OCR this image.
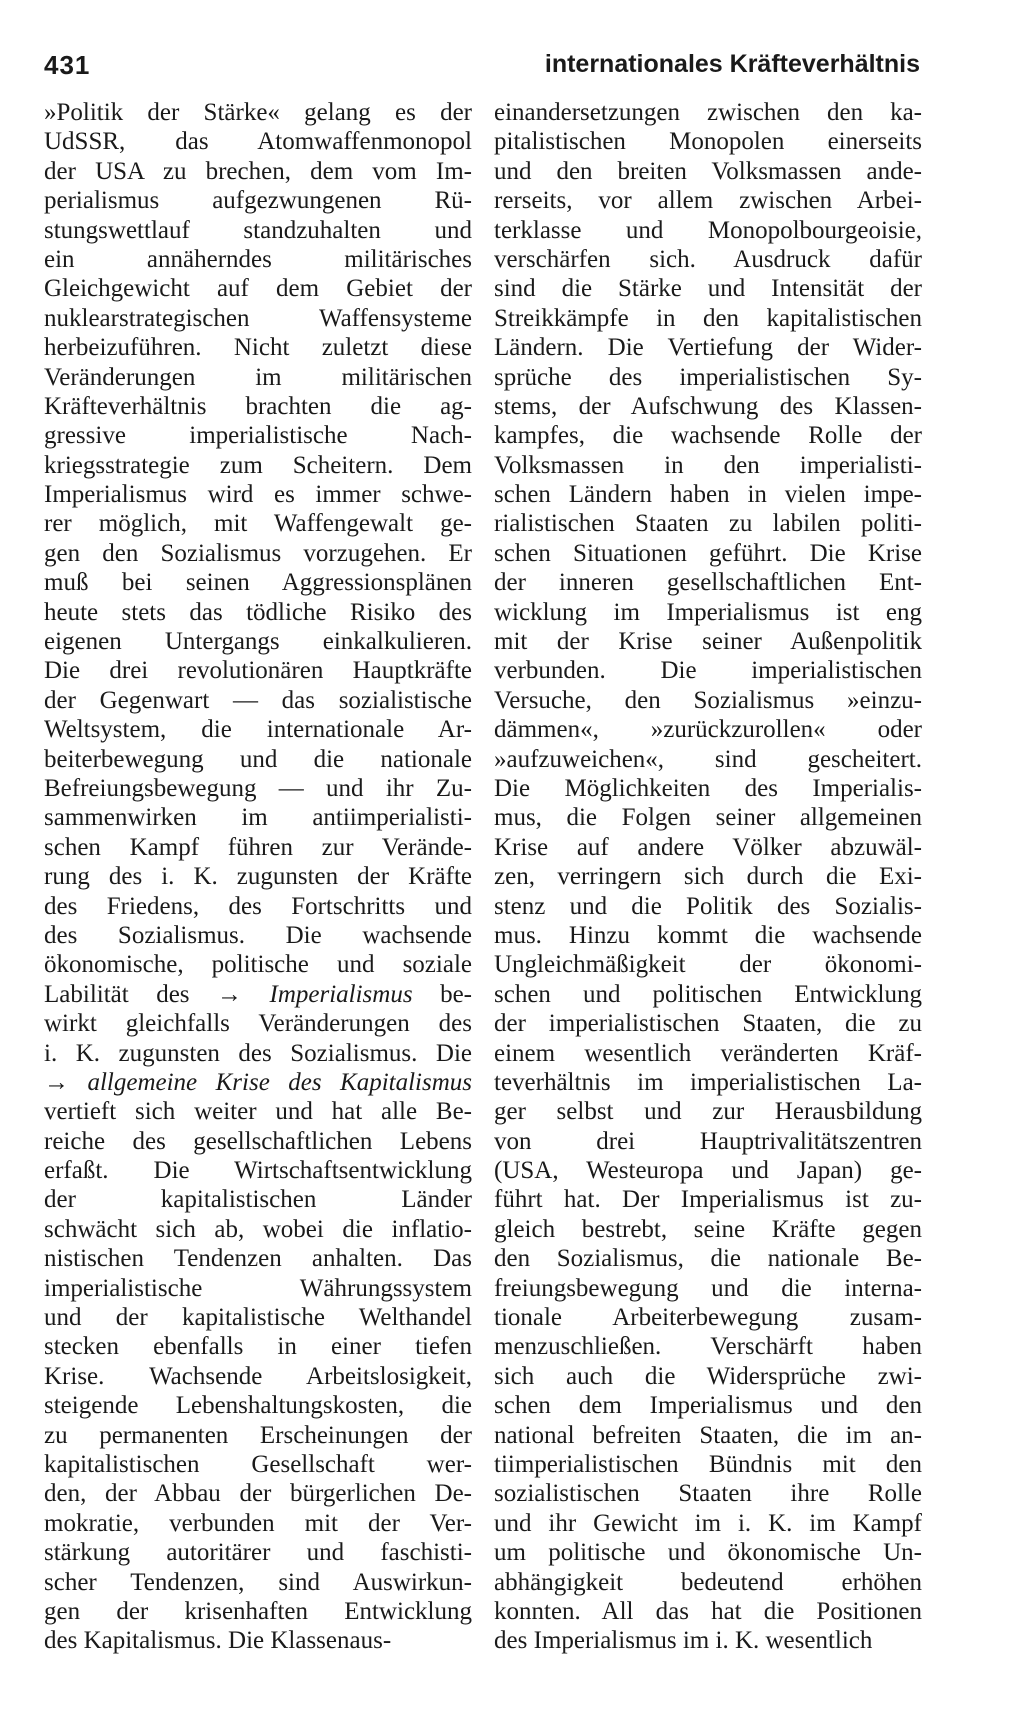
431	internationales Kräfteverhältnis
»Politik der Stärke« gelang es der
UdSSR, das Atomwaffenmonopol
der USA zu brechen, dem vom Im-
perialismus aufgezwungenen Rü-
stungswettlauf standzuhalten und
ein annäherndes militärisches
Gleichgewicht auf dem Gebiet der
nuklearstrategischen Waffensysteme
herbeizuführen. Nicht zuletzt diese
Veränderungen im militärischen
Kräfteverhältnis brachten die ag-
gressive imperialistische Nach-
kriegsstrategie zum Scheitern. Dem
Imperialismus wird es immer schwe-
rer möglich, mit Waffengewalt ge-
gen den Sozialismus vorzugehen. Er
muß bei seinen Aggressionsplänen
heute stets das tödliche Risiko des
eigenen Untergangs einkalkulieren.
Die drei revolutionären Hauptkräfte
der Gegenwart — das sozialistische
Weltsystem, die internationale Ar-
beiterbewegung und die nationale
Befreiungsbewegung — und ihr Zu-
sammenwirken im antiimperialisti-
schen Kampf führen zur Verände-
rung des i. K. zugunsten der Kräfte
des Friedens, des Fortschritts und
des Sozialismus. Die wachsende
ökonomische, politische und soziale
Labilität des → Imperialismus be-
wirkt gleichfalls Veränderungen des
i. K. zugunsten des Sozialismus. Die
→ allgemeine Krise des Kapitalismus
vertieft sich weiter und hat alle Be-
reiche des gesellschaftlichen Lebens
erfaßt. Die Wirtschaftsentwicklung
der kapitalistischen Länder
schwächt sich ab, wobei die inflatio-
nistischen Tendenzen anhalten. Das
imperialistische Währungssystem
und der kapitalistische Welthandel
stecken ebenfalls in einer tiefen
Krise. Wachsende Arbeitslosigkeit,
steigende Lebenshaltungskosten, die
zu permanenten Erscheinungen der
kapitalistischen Gesellschaft wer-
den, der Abbau der bürgerlichen De-
mokratie, verbunden mit der Ver-
stärkung autoritärer und faschisti-
scher Tendenzen, sind Auswirkun-
gen der krisenhaften Entwicklung
des Kapitalismus. Die Klassenaus-
einandersetzungen zwischen den ka-
pitalistischen Monopolen einerseits
und den breiten Volksmassen ande-
rerseits, vor allem zwischen Arbei-
terklasse und Monopolbourgeoisie,
verschärfen sich. Ausdruck dafür
sind die Stärke und Intensität der
Streikkämpfe in den kapitalistischen
Ländern. Die Vertiefung der Wider-
sprüche des imperialistischen Sy-
stems, der Aufschwung des Klassen-
kampfes, die wachsende Rolle der
Volksmassen in den imperialisti-
schen Ländern haben in vielen impe-
rialistischen Staaten zu labilen politi-
schen Situationen geführt. Die Krise
der inneren gesellschaftlichen Ent-
wicklung im Imperialismus ist eng
mit der Krise seiner Außenpolitik
verbunden. Die imperialistischen
Versuche, den Sozialismus »einzu-
dämmen«, »zurückzurollen« oder
»aufzuweichen«, sind gescheitert.
Die Möglichkeiten des Imperialis-
mus, die Folgen seiner allgemeinen
Krise auf andere Völker abzuwäl-
zen, verringern sich durch die Exi-
stenz und die Politik des Sozialis-
mus. Hinzu kommt die wachsende
Ungleichmäßigkeit der ökonomi-
schen und politischen Entwicklung
der imperialistischen Staaten, die zu
einem wesentlich veränderten Kräf-
teverhältnis im imperialistischen La-
ger selbst und zur Herausbildung
von drei Hauptrivalitätszentren
(USA, Westeuropa und Japan) ge-
führt hat. Der Imperialismus ist zu-
gleich bestrebt, seine Kräfte gegen
den Sozialismus, die nationale Be-
freiungsbewegung und die interna-
tionale Arbeiterbewegung zusam-
menzuschließen. Verschärft haben
sich auch die Widersprüche zwi-
schen dem Imperialismus und den
national befreiten Staaten, die im an-
tiimperialistischen Bündnis mit den
sozialistischen Staaten ihre Rolle
und ihr Gewicht im i. K. im Kampf
um politische und ökonomische Un-
abhängigkeit bedeutend erhöhen
konnten. All das hat die Positionen
des Imperialismus im i. K. wesentlich
